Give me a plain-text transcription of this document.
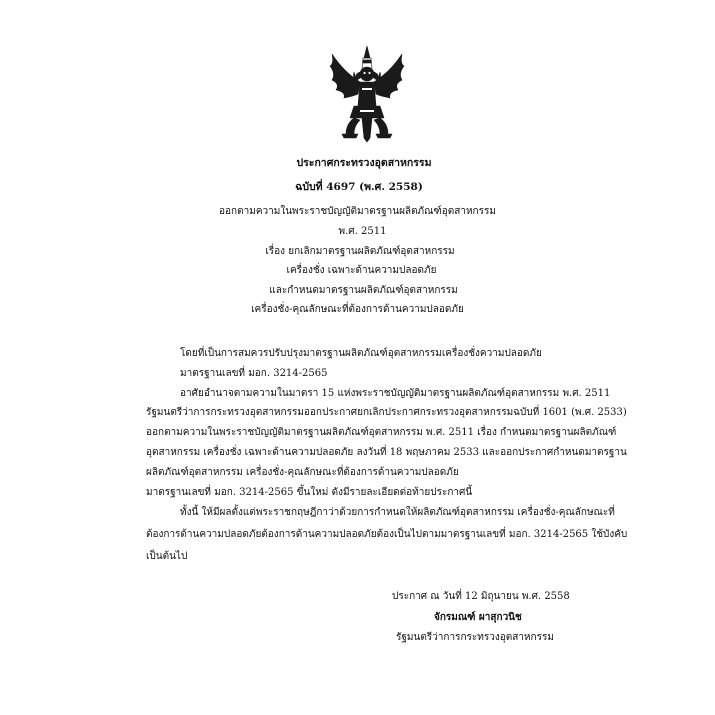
ประกาศกระทรวงอุตสาหกรรม
ฉบับที่ 4697 (พ.ศ. 2558)
ออกตามความในพระราชบัญญัติมาตรฐานผลิตภัณฑ์อุตสาหกรรม
พ.ศ. 2511
เรื่อง ยกเลิกมาตรฐานผลิตภัณฑ์อุตสาหกรรม
เครื่องชั่ง เฉพาะด้านความปลอดภัย
และกำหนดมาตรฐานผลิตภัณฑ์อุตสาหกรรม
เครื่องชั่ง-คุณลักษณะที่ต้องการด้านความปลอดภัย
โดยที่เป็นการสมควรปรับปรุงมาตรฐานผลิตภัณฑ์อุตสาหกรรมเครื่องชั่งความปลอดภัย
มาตรฐานเลขที่ มอก. 3214-2565
อาศัยอำนาจตามความในมาตรา 15 แห่งพระราชบัญญัติมาตรฐานผลิตภัณฑ์อุตสาหกรรม พ.ศ. 2511
รัฐมนตรีว่าการกระทรวงอุตสาหกรรมออกประกาศยกเลิกประกาศกระทรวงอุตสาหกรรมฉบับที่ 1601 (พ.ศ. 2533)
ออกตามความในพระราชบัญญัติมาตรฐานผลิตภัณฑ์อุตสาหกรรม พ.ศ. 2511 เรื่อง กำหนดมาตรฐานผลิตภัณฑ์
อุตสาหกรรม เครื่องชั่ง เฉพาะด้านความปลอดภัย ลงวันที่ 18 พฤษภาคม 2533 และออกประกาศกำหนดมาตรฐาน
ผลิตภัณฑ์อุตสาหกรรม เครื่องชั่ง-คุณลักษณะที่ต้องการด้านความปลอดภัย
มาตรฐานเลขที่ มอก. 3214-2565 ขึ้นใหม่ ดังมีรายละเอียดต่อท้ายประกาศนี้
ทั้งนี้ ให้มีผลตั้งแต่พระราชกฤษฎีกาว่าด้วยการกำหนดให้ผลิตภัณฑ์อุตสาหกรรม เครื่องชั่ง-คุณลักษณะที่
ต้องการด้านความปลอดภัยต้องการด้านความปลอดภัยต้องเป็นไปตามมาตรฐานเลขที่ มอก. 3214-2565 ใช้บังคับ
เป็นต้นไป
ประกาศ ณ วันที่ 12 มิถุนายน พ.ศ. 2558
จักรมณฑ์ ผาสุกวนิช
รัฐมนตรีว่าการกระทรวงอุตสาหกรรม
